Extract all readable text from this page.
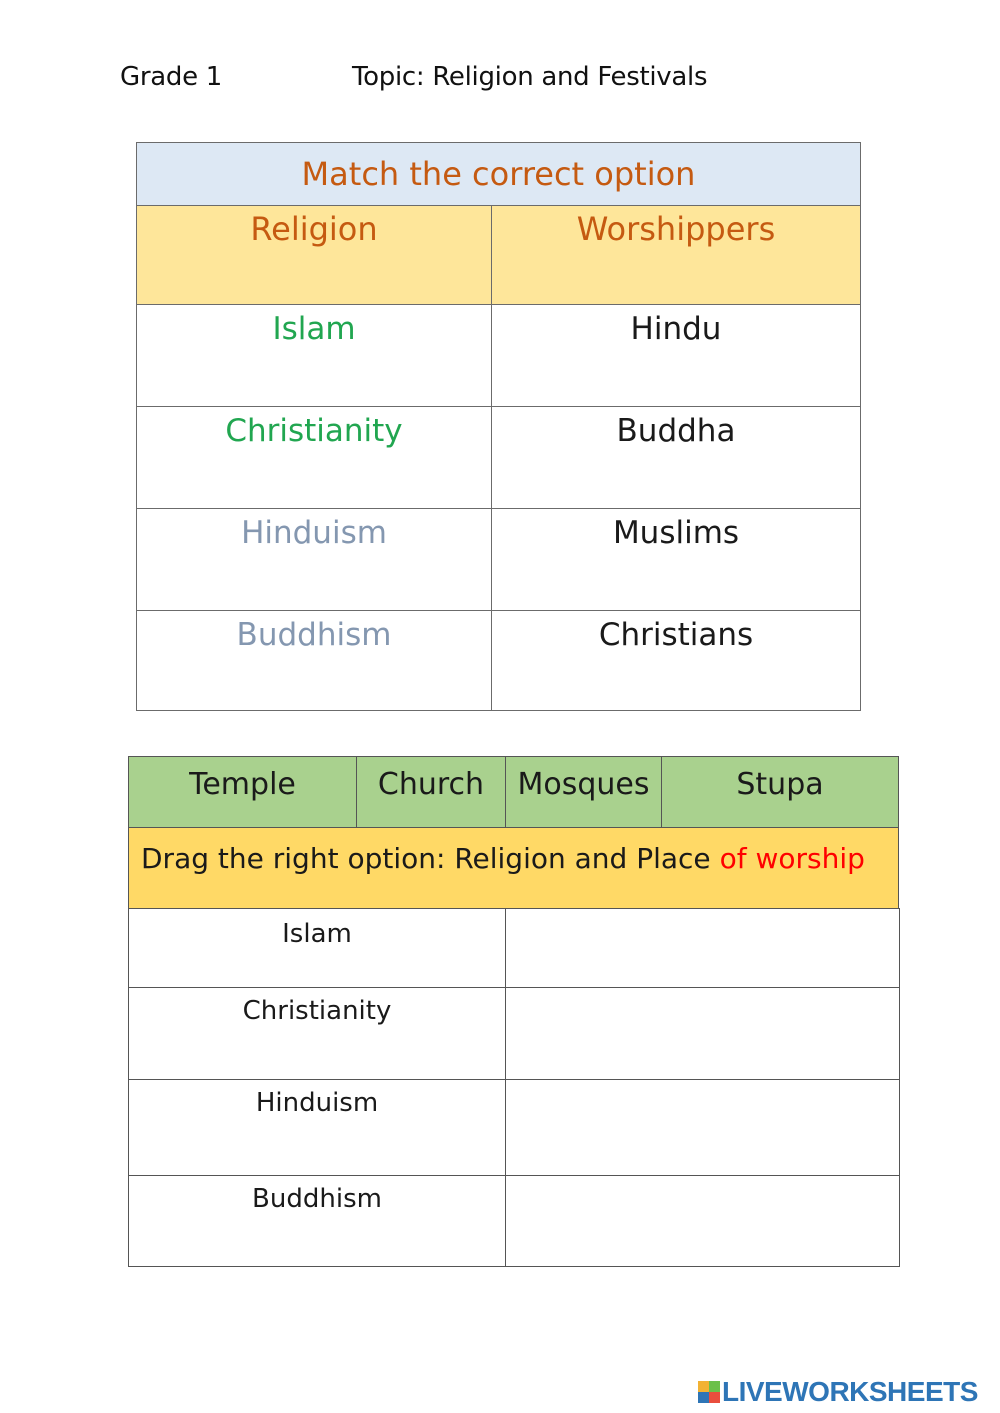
Grade 1	Topic: Religion and Festivals
Match the correct option	
Religion	Worshippers
Islam	Hindu
Christianity	Buddha
Hinduism	Muslims
Buddhism	Christians
Temple	Church	Mosques	Stupa
Drag the right option: Religion and Place of worship
Islam	
Christianity	
Hinduism	
Buddhism	
LIVEWORKSHEETS
